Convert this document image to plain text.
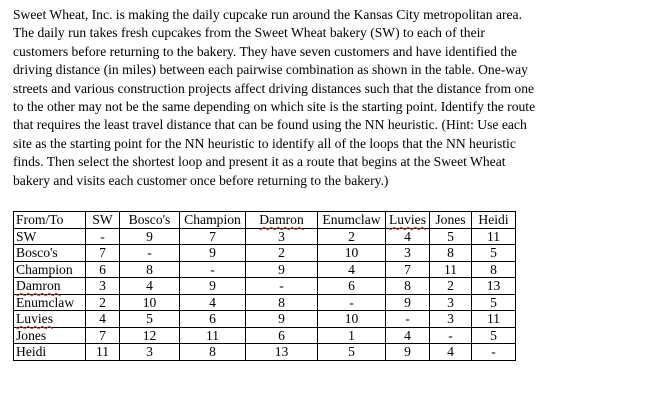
Sweet Wheat, Inc. is making the daily cupcake run around the Kansas City metropolitan area.

The daily run takes fresh cupcakes from the Sweet Wheat bakery (SW) to each of their

customers before returning to the bakery. They have seven customers and have identified the

driving distance (in miles) between each pairwise combination as shown in the table. One-way

streets and various construction projects affect driving distances such that the distance from one

to the other may not be the same depending on which site is the starting point. Identify the route

that requires the least travel distance that can be found using the NN heuristic. (Hint: Use each

site as the starting point for the NN heuristic to identify all of the loops that the NN heuristic

finds. Then select the shortest loop and present it as a route that begins at the Sweet Wheat

bakery and visits each customer once before returning to the bakery.)

From/To	SW	Bosco's	Champion	Damron	Enumclaw	Luvies	Jones	Heidi
SW	-	9	7	3	2	4	5	11
Bosco's	7	-	9	2	10	3	8	5
Champion	6	8	-	9	4	7	11	8
Damron	3	4	9	-	6	8	2	13
Enumclaw	2	10	4	8	-	9	3	5
Luvies	4	5	6	9	10	-	3	11
Jones	7	12	11	6	1	4	-	5
Heidi	11	3	8	13	5	9	4	-
